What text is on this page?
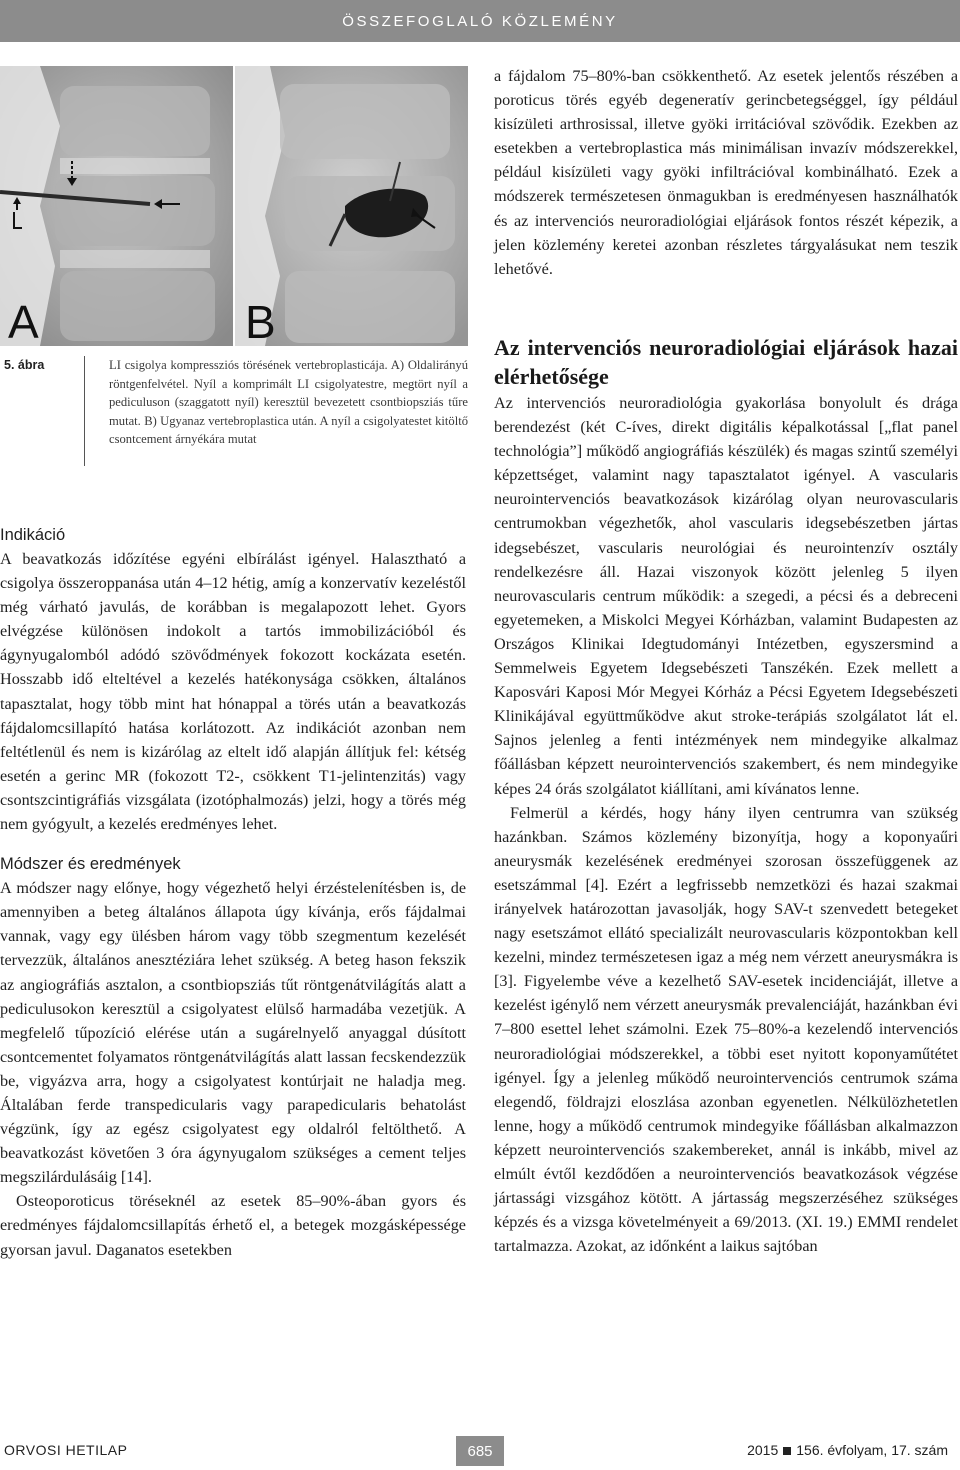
ÖSSZEFOGLALÓ KÖZLEMÉNY
A	B
5. ábra	LI csigolya kompressziós törésének vertebroplasticája. A) Oldalirányú röntgenfelvétel. Nyíl a komprimált LI csigolyatestre, megtört nyíl a pediculuson (szaggatott nyíl) keresztül bevezetett csontbiopsziás tűre mutat. B) Ugyanaz vertebroplastica után. A nyíl a csigolyatestet kitöltő csontcement árnyékára mutat

Indikáció

A beavatkozás időzítése egyéni elbírálást igényel. Halasztható a csigolya összeroppanása után 4–12 hétig, amíg a konzervatív kezeléstől még várható javulás, de korábban is megalapozott lehet. Gyors elvégzése különösen indokolt a tartós immobilizációból és ágynyugalomból adódó szövődmények fokozott kockázata esetén. Hosszabb idő elteltével a kezelés hatékonysága csökken, általános tapasztalat, hogy több mint hat hónappal a törés után a beavatkozás fájdalomcsillapító hatása korlátozott. Az indikációt azonban nem feltétlenül és nem is kizárólag az eltelt idő alapján állítjuk fel: kétség esetén a gerinc MR (fokozott T2-, csökkent T1-jelintenzitás) vagy csontszcintigráfiás vizsgálata (izotóphalmozás) jelzi, hogy a törés még nem gyógyult, a kezelés eredményes lehet.

Módszer és eredmények

A módszer nagy előnye, hogy végezhető helyi érzéstelenítésben is, de amennyiben a beteg általános állapota úgy kívánja, erős fájdalmai vannak, vagy egy ülésben három vagy több szegmentum kezelését tervezzük, általános anesztéziára lehet szükség. A beteg hason fekszik az angiográfiás asztalon, a csontbiopsziás tűt röntgenátvilágítás alatt a pediculusokon keresztül a csigolyatest elülső harmadába vezetjük. A megfelelő tűpozíció elérése után a sugárelnyelő anyaggal dúsított csontcementet folyamatos röntgenátvilágítás alatt lassan fecskendezzük be, vigyázva arra, hogy a csigolyatest kontúrjait ne haladja meg. Általában ferde transpedicularis vagy parapedicularis behatolást végzünk, így az egész csigolyatest egy oldalról feltölthető. A beavatkozást követően 3 óra ágynyugalom szükséges a cement teljes megszilárdulásáig [14].

Osteoporoticus töréseknél az esetek 85–90%-ában gyors és eredményes fájdalomcsillapítás érhető el, a betegek mozgásképessége gyorsan javul. Daganatos esetekben

a fájdalom 75–80%-ban csökkenthető. Az esetek jelentős részében a poroticus törés egyéb degeneratív gerincbetegséggel, így például kisízületi arthrosissal, illetve gyöki irritációval szövődik. Ezekben az esetekben a vertebroplastica más minimálisan invazív módszerekkel, például kisízületi vagy gyöki infiltrációval kombinálható. Ezek a módszerek természetesen önmagukban is eredményesen használhatók és az intervenciós neuroradiológiai eljárások fontos részét képezik, a jelen közlemény keretei azonban részletes tárgyalásukat nem teszik lehetővé.

Az intervenciós neuroradiológiai eljárások hazai elérhetősége

Az intervenciós neuroradiológia gyakorlása bonyolult és drága berendezést (két C-íves, direkt digitális képalkotással [„flat panel technológia”] működő angiográfiás készülék) és magas szintű személyi képzettséget, valamint nagy tapasztalatot igényel. A vascularis neurointervenciós beavatkozások kizárólag olyan neurovascularis centrumokban végezhetők, ahol vascularis idegsebészetben jártas idegsebészet, vascularis neurológiai és neurointenzív osztály rendelkezésre áll. Hazai viszonyok között jelenleg 5 ilyen neurovascularis centrum működik: a szegedi, a pécsi és a debreceni egyetemeken, a Miskolci Megyei Kórházban, valamint Budapesten az Országos Klinikai Idegtudományi Intézetben, egyszersmind a Semmelweis Egyetem Idegsebészeti Tanszékén. Ezek mellett a Kaposvári Kaposi Mór Megyei Kórház a Pécsi Egyetem Idegsebészeti Klinikájával együttműködve akut stroke-terápiás szolgálatot lát el. Sajnos jelenleg a fenti intézmények nem mindegyike alkalmaz főállásban képzett neurointervenciós szakembert, és nem mindegyike képes 24 órás szolgálatot kiállítani, ami kívánatos lenne.

Felmerül a kérdés, hogy hány ilyen centrumra van szükség hazánkban. Számos közlemény bizonyítja, hogy a koponyaűri aneurysmák kezelésének eredményei szorosan összefüggenek az esetszámmal [4]. Ezért a legfrissebb nemzetközi és hazai szakmai irányelvek határozottan javasolják, hogy SAV-t szenvedett betegeket nagy esetszámot ellátó specializált neurovascularis központokban kell kezelni, mindez természetesen igaz a még nem vérzett aneurysmákra is [3]. Figyelembe véve a kezelhető SAV-esetek incidenciáját, illetve a kezelést igénylő nem vérzett aneurysmák prevalenciáját, hazánkban évi 7–800 esettel lehet számolni. Ezek 75–80%-a kezelendő intervenciós neuroradiológiai módszerekkel, a többi eset nyitott koponyaműtétet igényel. Így a jelenleg működő neurointervenciós centrumok száma elegendő, földrajzi eloszlása azonban egyenetlen. Nélkülözhetetlen lenne, hogy a működő centrumok mindegyike főállásban alkalmazzon képzett neurointervenciós szakembereket, annál is inkább, mivel az elmúlt évtől kezdődően a neurointervenciós beavatkozások végzése jártassági vizsgához kötött. A jártasság megszerzéséhez szükséges képzés és a vizsga követelményeit a 69/2013. (XI. 19.) EMMI rendelet tartalmazza. Azokat, az időnként a laikus sajtóban

ORVOSI HETILAP	685	2015 156. évfolyam, 17. szám
